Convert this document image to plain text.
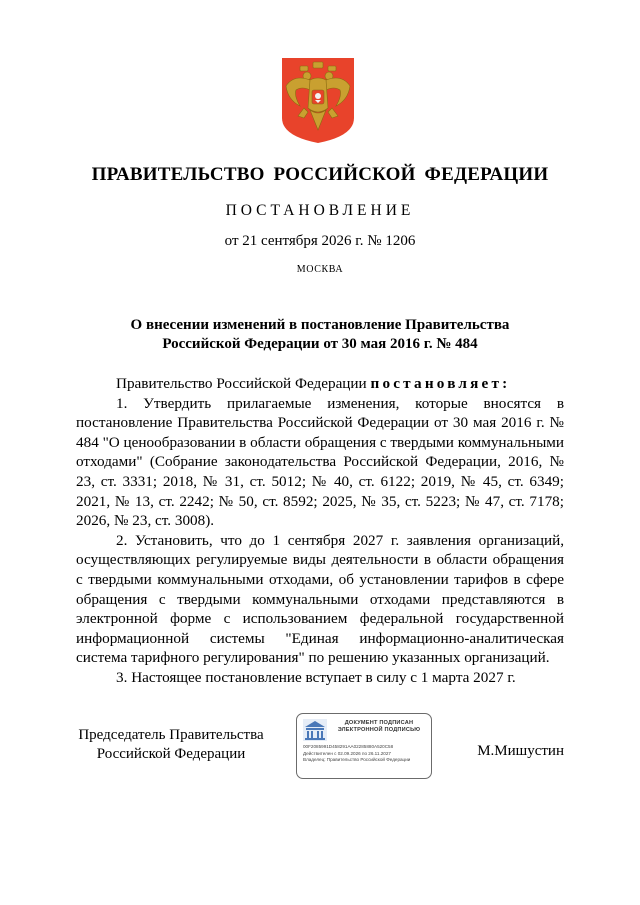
ПРАВИТЕЛЬСТВО РОССИЙСКОЙ ФЕДЕРАЦИИ
ПОСТАНОВЛЕНИЕ
от 21 сентября 2026 г. № 1206
МОСКВА
О внесении изменений в постановление Правительства
Российской Федерации от 30 мая 2016 г. № 484

Правительство Российской Федерации постановляет:

1. Утвердить прилагаемые изменения, которые вносятся в постановление Правительства Российской Федерации от 30 мая 2016 г. № 484 "О ценообразовании в области обращения с твердыми коммунальными отходами" (Собрание законодательства Российской Федерации, 2016, № 23, ст. 3331; 2018, № 31, ст. 5012; № 40, ст. 6122; 2019, № 45, ст. 6349; 2021, № 13, ст. 2242; № 50, ст. 8592; 2025, № 35, ст. 5223; № 47, ст. 7178; 2026, № 23, ст. 3008).

2. Установить, что до 1 сентября 2027 г. заявления организаций, осуществляющих регулируемые виды деятельности в области обращения с твердыми коммунальными отходами, об установлении тарифов в сфере обращения с твердыми коммунальными отходами представляются в электронной форме с использованием федеральной государственной информационной системы "Единая информационно-аналитическая система тарифного регулирования" по решению указанных организаций.

3. Настоящее постановление вступает в силу с 1 марта 2027 г.

Председатель Правительства
Российской Федерации
ДОКУМЕНТ ПОДПИСАН
ЭЛЕКТРОННОЙ ПОДПИСЬЮ
00F2085991D458291AA02285880A520C58
Действителен с 02.09.2026 по 26.11.2027
Владелец: Правительство Российской Федерации
М.Мишустин
